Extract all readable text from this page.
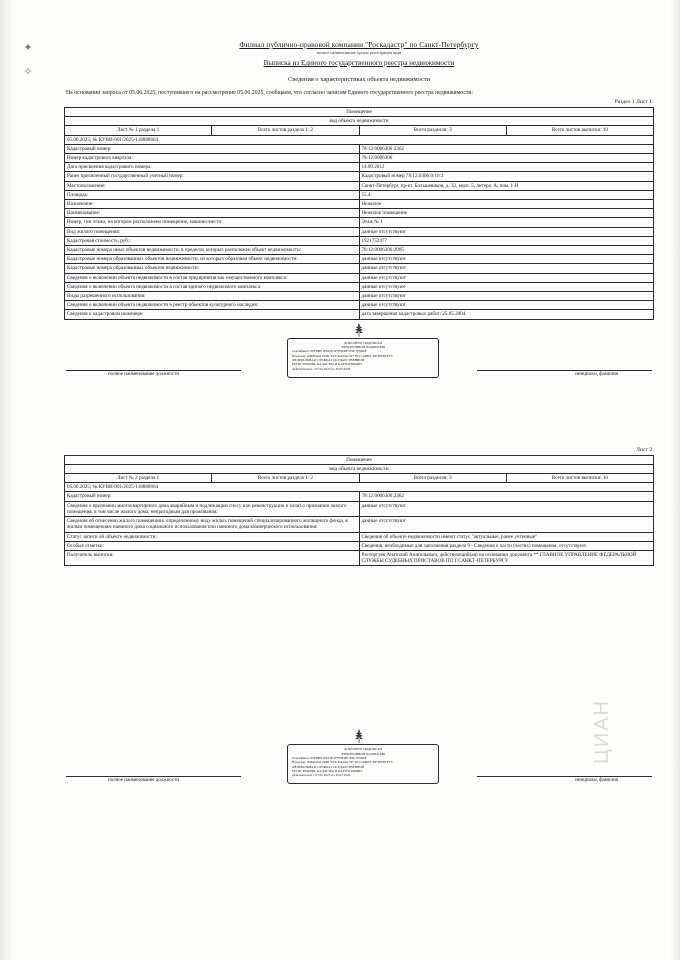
✦
✧
Филиал публично-правовой компании "Роскадастр" по Санкт-Петербургу
полное наименование органа регистрации прав
Выписка из Единого государственного реестра недвижимости
Сведения о характеристиках объекта недвижимости
На основании запроса от 05.06.2025, поступившего на рассмотрение 05.06.2025, сообщаем, что согласно записям Единого государственного реестра недвижимости:
Раздел 1 Лист 1
Помещение			
вид объекта недвижимости			
Лист № 1 раздела 1	Всего листов раздела 1: 2	Всего разделов: 3	Всего листов выписки: 10
05.06.2025; № КУВИ-001/2025-118888664			
Кадастровый номер:		78:12:0006306:2362	
Номер кадастрового квартала:		78:12:0006306	
Дата присвоения кадастрового номера:		14.09.2012	
Ранее присвоенный государственный учетный номер:		Кадастровый номер 78:12:6306:0:16:1	
Местоположение:		Санкт-Петербург, пр-кт. Большевиков, д. 32, корп. 5, литера. А, пом. 1-Н	
Площадь:		55.4	
Назначение:		Нежилое	
Наименование:		Нежилое помещение	
Номер, тип этажа, на котором расположено помещение, машино-место:		Этаж № 1	
Вид жилого помещения:		данные отсутствуют	
Кадастровая стоимость, руб.:		1921752477	
Кадастровые номера иных объектов недвижимости, в пределах которых расположен объект недвижимости:		78:12:0006306:2005	
Кадастровые номера образованных объектов недвижимости, из которых образован объект недвижимости:		данные отсутствуют	
Кадастровые номера образованных объектов недвижимости:		данные отсутствуют	
Сведения о включении объекта недвижимости в состав предприятия как имущественного комплекса:		данные отсутствуют	
Сведения о включении объекта недвижимости в состав единого недвижимого комплекса:		данные отсутствуют	
Виды разрешенного использования:		данные отсутствуют	
Сведения о включении объекта недвижимости в реестр объектов культурного наследия:		данные отсутствуют	
Сведения о кадастровом инженере:		дата завершения кадастровых работ: 25.05.2004	
ДОКУМЕНТ ПОДПИСАН
ЭЛЕКТРОННОЙ ПОДПИСЬЮ
Сертификат: 00FDBE1F0A5E1F7E0D0F1E0C7F0D0E
Владелец: ФИЛИАЛ ППК "РОСКАДАСТР" ПО САНКТ-ПЕТЕРБУРГУ
ФЕДЕРАЛЬНАЯ СЛУЖБА ГОСУДАРСТВЕННОЙ
РЕГИСТРАЦИИ, КАДАСТРА И КАРТОГРАФИИ
Действителен: с 07.05.2025 по 30.07.2026
полное наименование должности	инициалы, фамилия
Лист 2
Помещение			
вид объекта недвижимости			
Лист № 2 раздела 1	Всего листов раздела 1: 2	Всего разделов: 3	Всего листов выписки: 10
05.06.2025; № КУВИ-001/2025-118888664			
Кадастровый номер:		78:12:0006306:2362	
Сведения о признании многоквартирного дома аварийным и подлежащим сносу или реконструкции и (или) о признании жилого помещения, в том числе жилого дома, непригодным для проживания:		данные отсутствуют	
Сведения об отнесении жилого помещения к определенному виду жилых помещений специализированного жилищного фонда, к жилым помещениям наемного дома социального использования или наемного дома коммерческого использования:		данные отсутствуют	
Статус записи об объекте недвижимости:		Сведения об объекте недвижимости имеют статус "актуальные, ранее учтенные"	
Особые отметки:		Сведения, необходимые для заполнения раздела 9 - Сведения о части (частях) помещения, отсутствуют.	
Получатель выписки:		Расторгуев Анатолий Анатольевич, действующий(ая) на основании документа ** ГЛАВНОЕ УПРАВЛЕНИЕ ФЕДЕРАЛЬНОЙ СЛУЖБЫ СУДЕБНЫХ ПРИСТАВОВ ПО Г.САНКТ-ПЕТЕРБУРГУ	
ЦИАН
ДОКУМЕНТ ПОДПИСАН
ЭЛЕКТРОННОЙ ПОДПИСЬЮ
Сертификат: 00FDBE1F0A5E1F7E0D0F1E0C7F0D0E
Владелец: ФИЛИАЛ ППК "РОСКАДАСТР" ПО САНКТ-ПЕТЕРБУРГУ
ФЕДЕРАЛЬНАЯ СЛУЖБА ГОСУДАРСТВЕННОЙ
РЕГИСТРАЦИИ, КАДАСТРА И КАРТОГРАФИИ
Действителен: с 07.05.2025 по 30.07.2026
полное наименование должности	инициалы, фамилия
